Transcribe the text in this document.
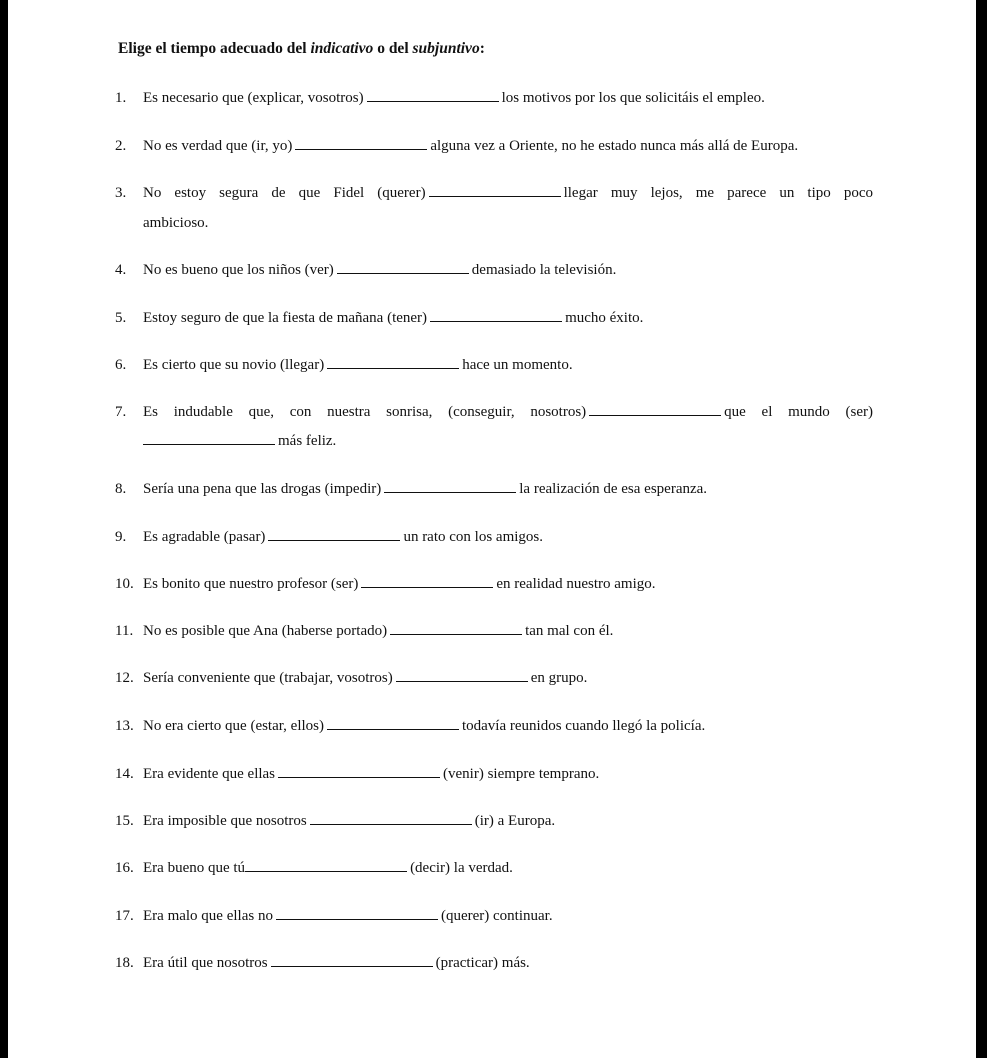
Elige el tiempo adecuado del indicativo o del subjuntivo:
1. Es necesario que (explicar, vosotros)	los motivos por los que solicitáis el empleo.
2. No es verdad que (ir, yo)	alguna vez a Oriente, no he estado nunca más allá de Europa.
3. No estoy segura de que Fidel (querer)	llegar muy lejos, me parece un tipo poco
ambicioso.
4. No es bueno que los niños (ver)	demasiado la televisión.
5. Estoy seguro de que la fiesta de mañana (tener)	mucho éxito.
6. Es cierto que su novio (llegar)	hace un momento.
7. Es indudable que, con nuestra sonrisa, (conseguir, nosotros)	que el mundo (ser)
más feliz.
8. Sería una pena que las drogas (impedir)	la realización de esa esperanza.
9. Es agradable (pasar)	un rato con los amigos.
10. Es bonito que nuestro profesor (ser)	en realidad nuestro amigo.
11. No es posible que Ana (haberse portado)	tan mal con él.
12. Sería conveniente que (trabajar, vosotros)	en grupo.
13. No era cierto que (estar, ellos)	todavía reunidos cuando llegó la policía.
14. Era evidente que ellas	(venir) siempre temprano.
15. Era imposible que nosotros	(ir) a Europa.
16. Era bueno que tú	(decir) la verdad.
17. Era malo que ellas no	(querer) continuar.
18. Era útil que nosotros	(practicar) más.
